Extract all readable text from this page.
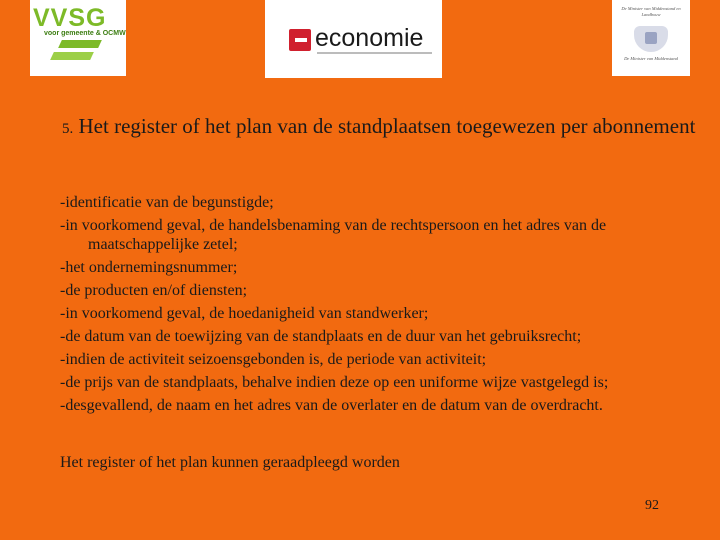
VVSG
voor gemeente & OCMW	economie
De Minister van Middenstand en Landbouw
De Minister van Middenstand
5. Het register of het plan van de standplaatsen toegewezen per abonnement
-identificatie van de begunstigde;
-in voorkomend geval, de handelsbenaming van de rechtspersoon en het adres van de maatschappelijke zetel;
-het ondernemingsnummer;
-de producten en/of diensten;
-in voorkomend geval, de hoedanigheid van standwerker;
-de datum van de toewijzing van de standplaats en de duur van het gebruiksrecht;
-indien de activiteit seizoensgebonden is, de periode van activiteit;
-de prijs van de standplaats, behalve indien deze op een uniforme wijze vastgelegd is;
-desgevallend, de naam en het adres van de overlater en de datum van de overdracht.
Het register of het plan kunnen geraadpleegd worden
92
